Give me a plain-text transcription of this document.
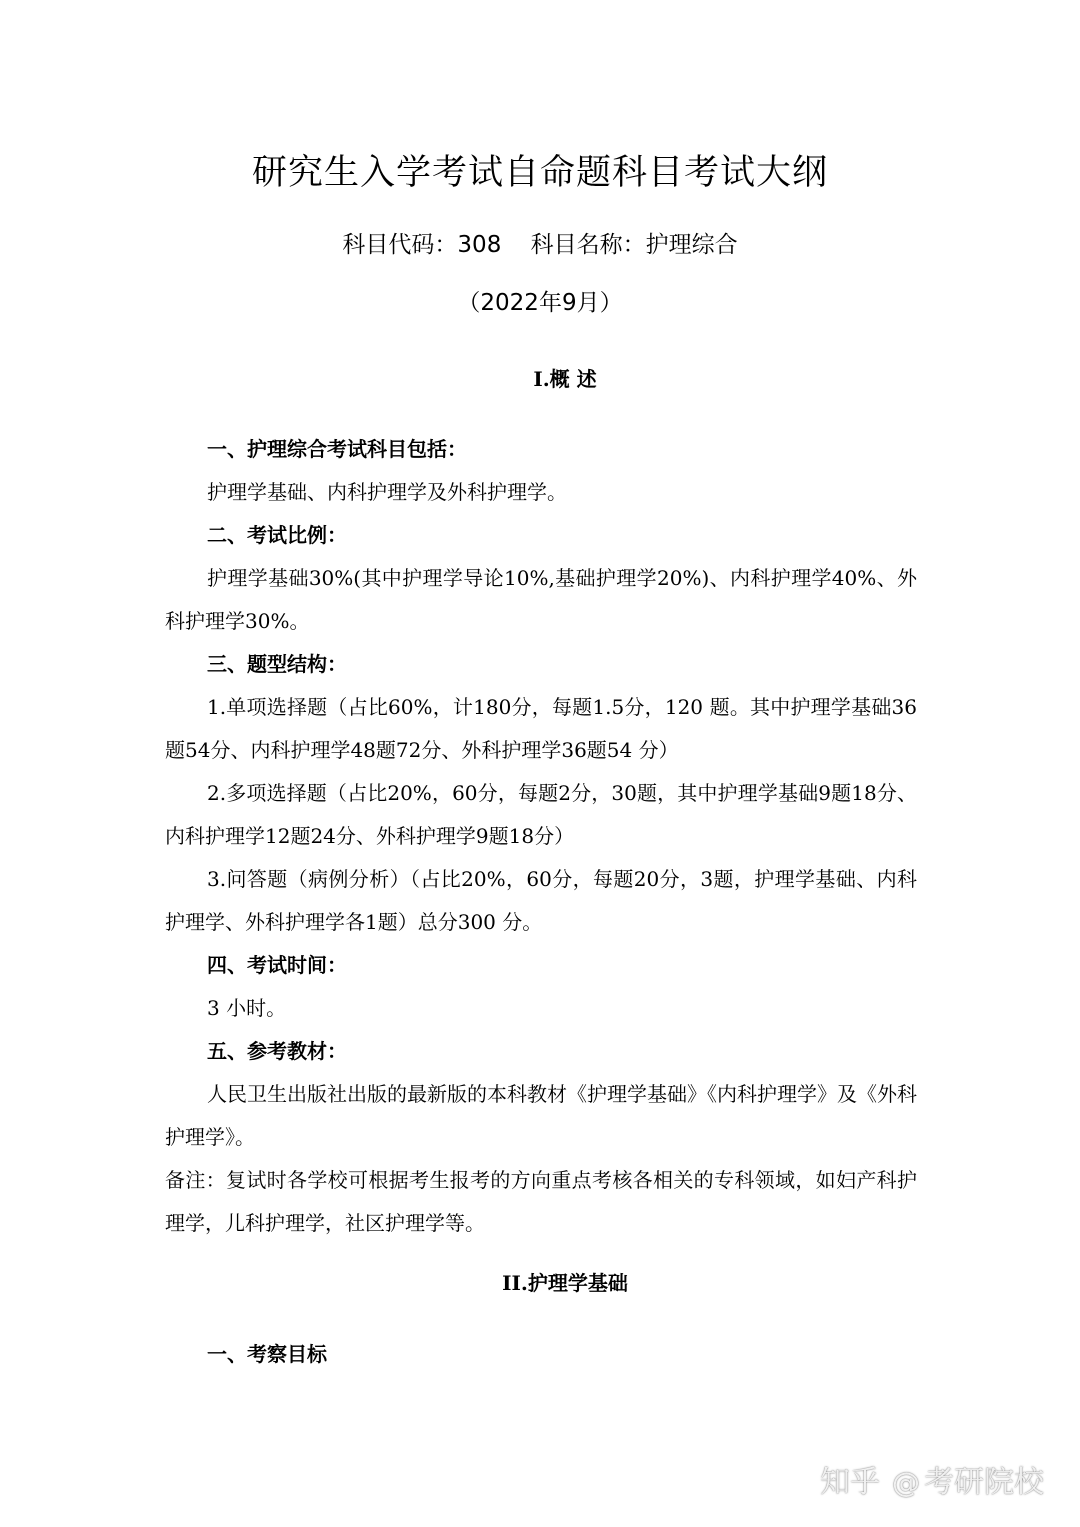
研究生入学考试自命题科目考试大纲
科目代码：308 科目名称：护理综合
（2022年9月）
I.概 述

一、护理综合考试科目包括：

护理学基础、内科护理学及外科护理学。

二、考试比例：

护理学基础30%(其中护理学导论10%,基础护理学20%)、内科护理学40%、外科护理学30%。

三、题型结构：

1.单项选择题（占比60%，计180分，每题1.5分，120 题。其中护理学基础36题54分、内科护理学48题72分、外科护理学36题54 分）

2.多项选择题（占比20%，60分，每题2分，30题，其中护理学基础9题18分、内科护理学12题24分、外科护理学9题18分）

3.问答题（病例分析）（占比20%，60分，每题20分，3题，护理学基础、内科护理学、外科护理学各1题）总分300 分。

四、考试时间：

3 小时。

五、参考教材：

人民卫生出版社出版的最新版的本科教材《护理学基础》《内科护理学》及《外科护理学》。

备注：复试时各学校可根据考生报考的方向重点考核各相关的专科领域，如妇产科护理学，儿科护理学，社区护理学等。

II.护理学基础

一、考察目标

知乎 @ 考研院校
